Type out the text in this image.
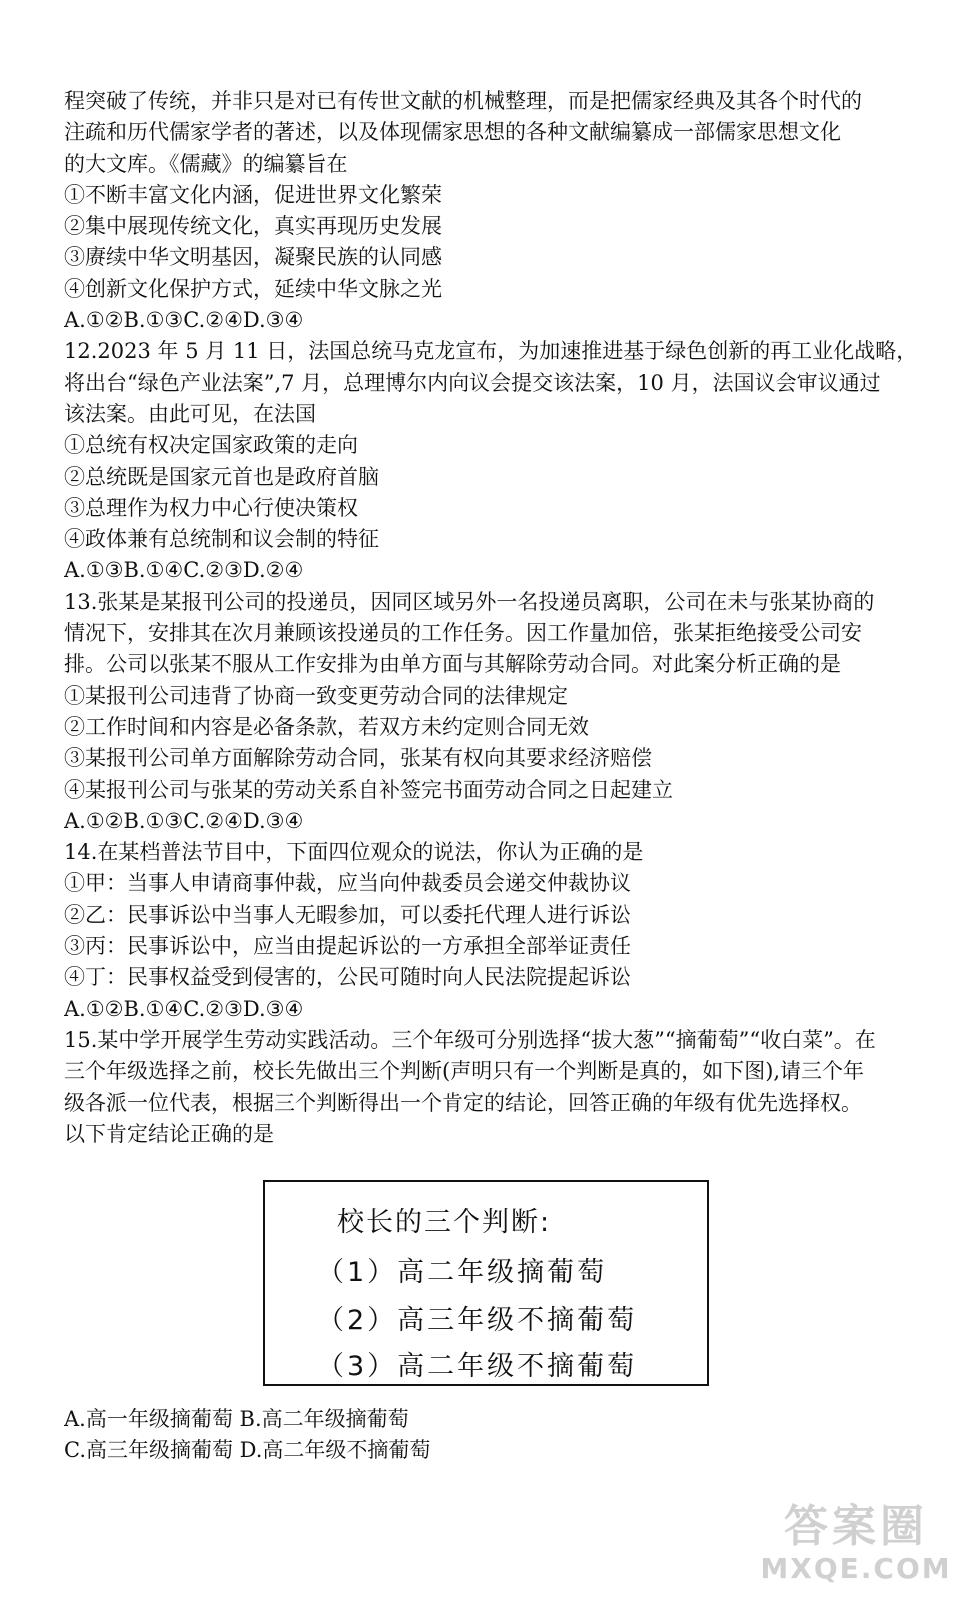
程突破了传统，并非只是对已有传世文献的机械整理，而是把儒家经典及其各个时代的
注疏和历代儒家学者的著述，以及体现儒家思想的各种文献编纂成一部儒家思想文化
的大文库。《儒藏》的编纂旨在
①不断丰富文化内涵，促进世界文化繁荣
②集中展现传统文化，真实再现历史发展
③赓续中华文明基因，凝聚民族的认同感
④创新文化保护方式，延续中华文脉之光
A.①②B.①③C.②④D.③④
12.2023 年 5 月 11 日，法国总统马克龙宣布，为加速推进基于绿色创新的再工业化战略，
将出台“绿色产业法案”,7 月，总理博尔内向议会提交该法案，10 月，法国议会审议通过
该法案。由此可见，在法国
①总统有权决定国家政策的走向
②总统既是国家元首也是政府首脑
③总理作为权力中心行使决策权
④政体兼有总统制和议会制的特征
A.①③B.①④C.②③D.②④
13.张某是某报刊公司的投递员，因同区域另外一名投递员离职，公司在未与张某协商的
情况下，安排其在次月兼顾该投递员的工作任务。因工作量加倍，张某拒绝接受公司安
排。公司以张某不服从工作安排为由单方面与其解除劳动合同。对此案分析正确的是
①某报刊公司违背了协商一致变更劳动合同的法律规定
②工作时间和内容是必备条款，若双方未约定则合同无效
③某报刊公司单方面解除劳动合同，张某有权向其要求经济赔偿
④某报刊公司与张某的劳动关系自补签完书面劳动合同之日起建立
A.①②B.①③C.②④D.③④
14.在某档普法节目中，下面四位观众的说法，你认为正确的是
①甲：当事人申请商事仲裁，应当向仲裁委员会递交仲裁协议
②乙：民事诉讼中当事人无暇参加，可以委托代理人进行诉讼
③丙：民事诉讼中，应当由提起诉讼的一方承担全部举证责任
④丁：民事权益受到侵害的，公民可随时向人民法院提起诉讼
A.①②B.①④C.②③D.③④
15.某中学开展学生劳动实践活动。三个年级可分别选择“拔大葱”“摘葡萄”“收白菜”。在
三个年级选择之前，校长先做出三个判断(声明只有一个判断是真的，如下图),请三个年
级各派一位代表，根据三个判断得出一个肯定的结论，回答正确的年级有优先选择权。
以下肯定结论正确的是
校长的三个判断:
（1）高二年级摘葡萄
（2）高三年级不摘葡萄
（3）高二年级不摘葡萄
A.高一年级摘葡萄 B.高二年级摘葡萄
C.高三年级摘葡萄 D.高二年级不摘葡萄
答案圈
MXQE.COM
